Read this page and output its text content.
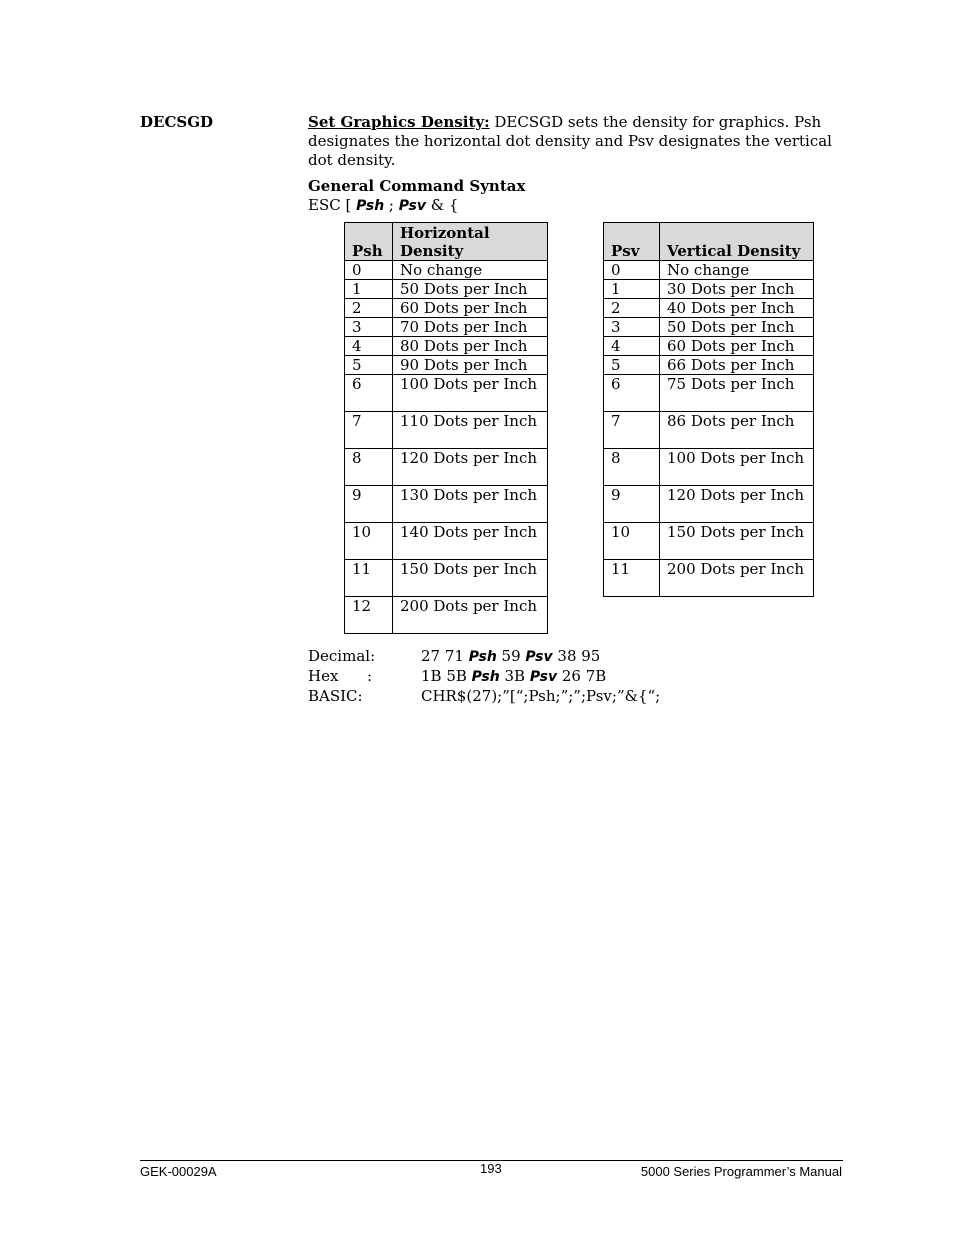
DECSGD	Set Graphics Density: DECSGD sets the density for graphics. Psh designates the horizontal dot density and Psv designates the vertical dot density.
General Command Syntax
ESC [ Psh ; Psv & {
Psh	Horizontal Density
0	No change
1	50 Dots per Inch
2	60 Dots per Inch
3	70 Dots per Inch
4	80 Dots per Inch
5	90 Dots per Inch
6	100 Dots per Inch
7	110 Dots per Inch
8	120 Dots per Inch
9	130 Dots per Inch
10	140 Dots per Inch
11	150 Dots per Inch
12	200 Dots per Inch
Psv	Vertical Density
0	No change
1	30 Dots per Inch
2	40 Dots per Inch
3	50 Dots per Inch
4	60 Dots per Inch
5	66 Dots per Inch
6	75 Dots per Inch
7	86 Dots per Inch
8	100 Dots per Inch
9	120 Dots per Inch
10	150 Dots per Inch
11	200 Dots per Inch
Decimal:	27 71 Psh 59 Psv 38 95
Hex      :	1B 5B Psh 3B Psv 26 7B
BASIC:	CHR$(27);”[“;Psh;”;”;Psv;”&{“;
GEK-00029A	193	5000 Series Programmer’s Manual
